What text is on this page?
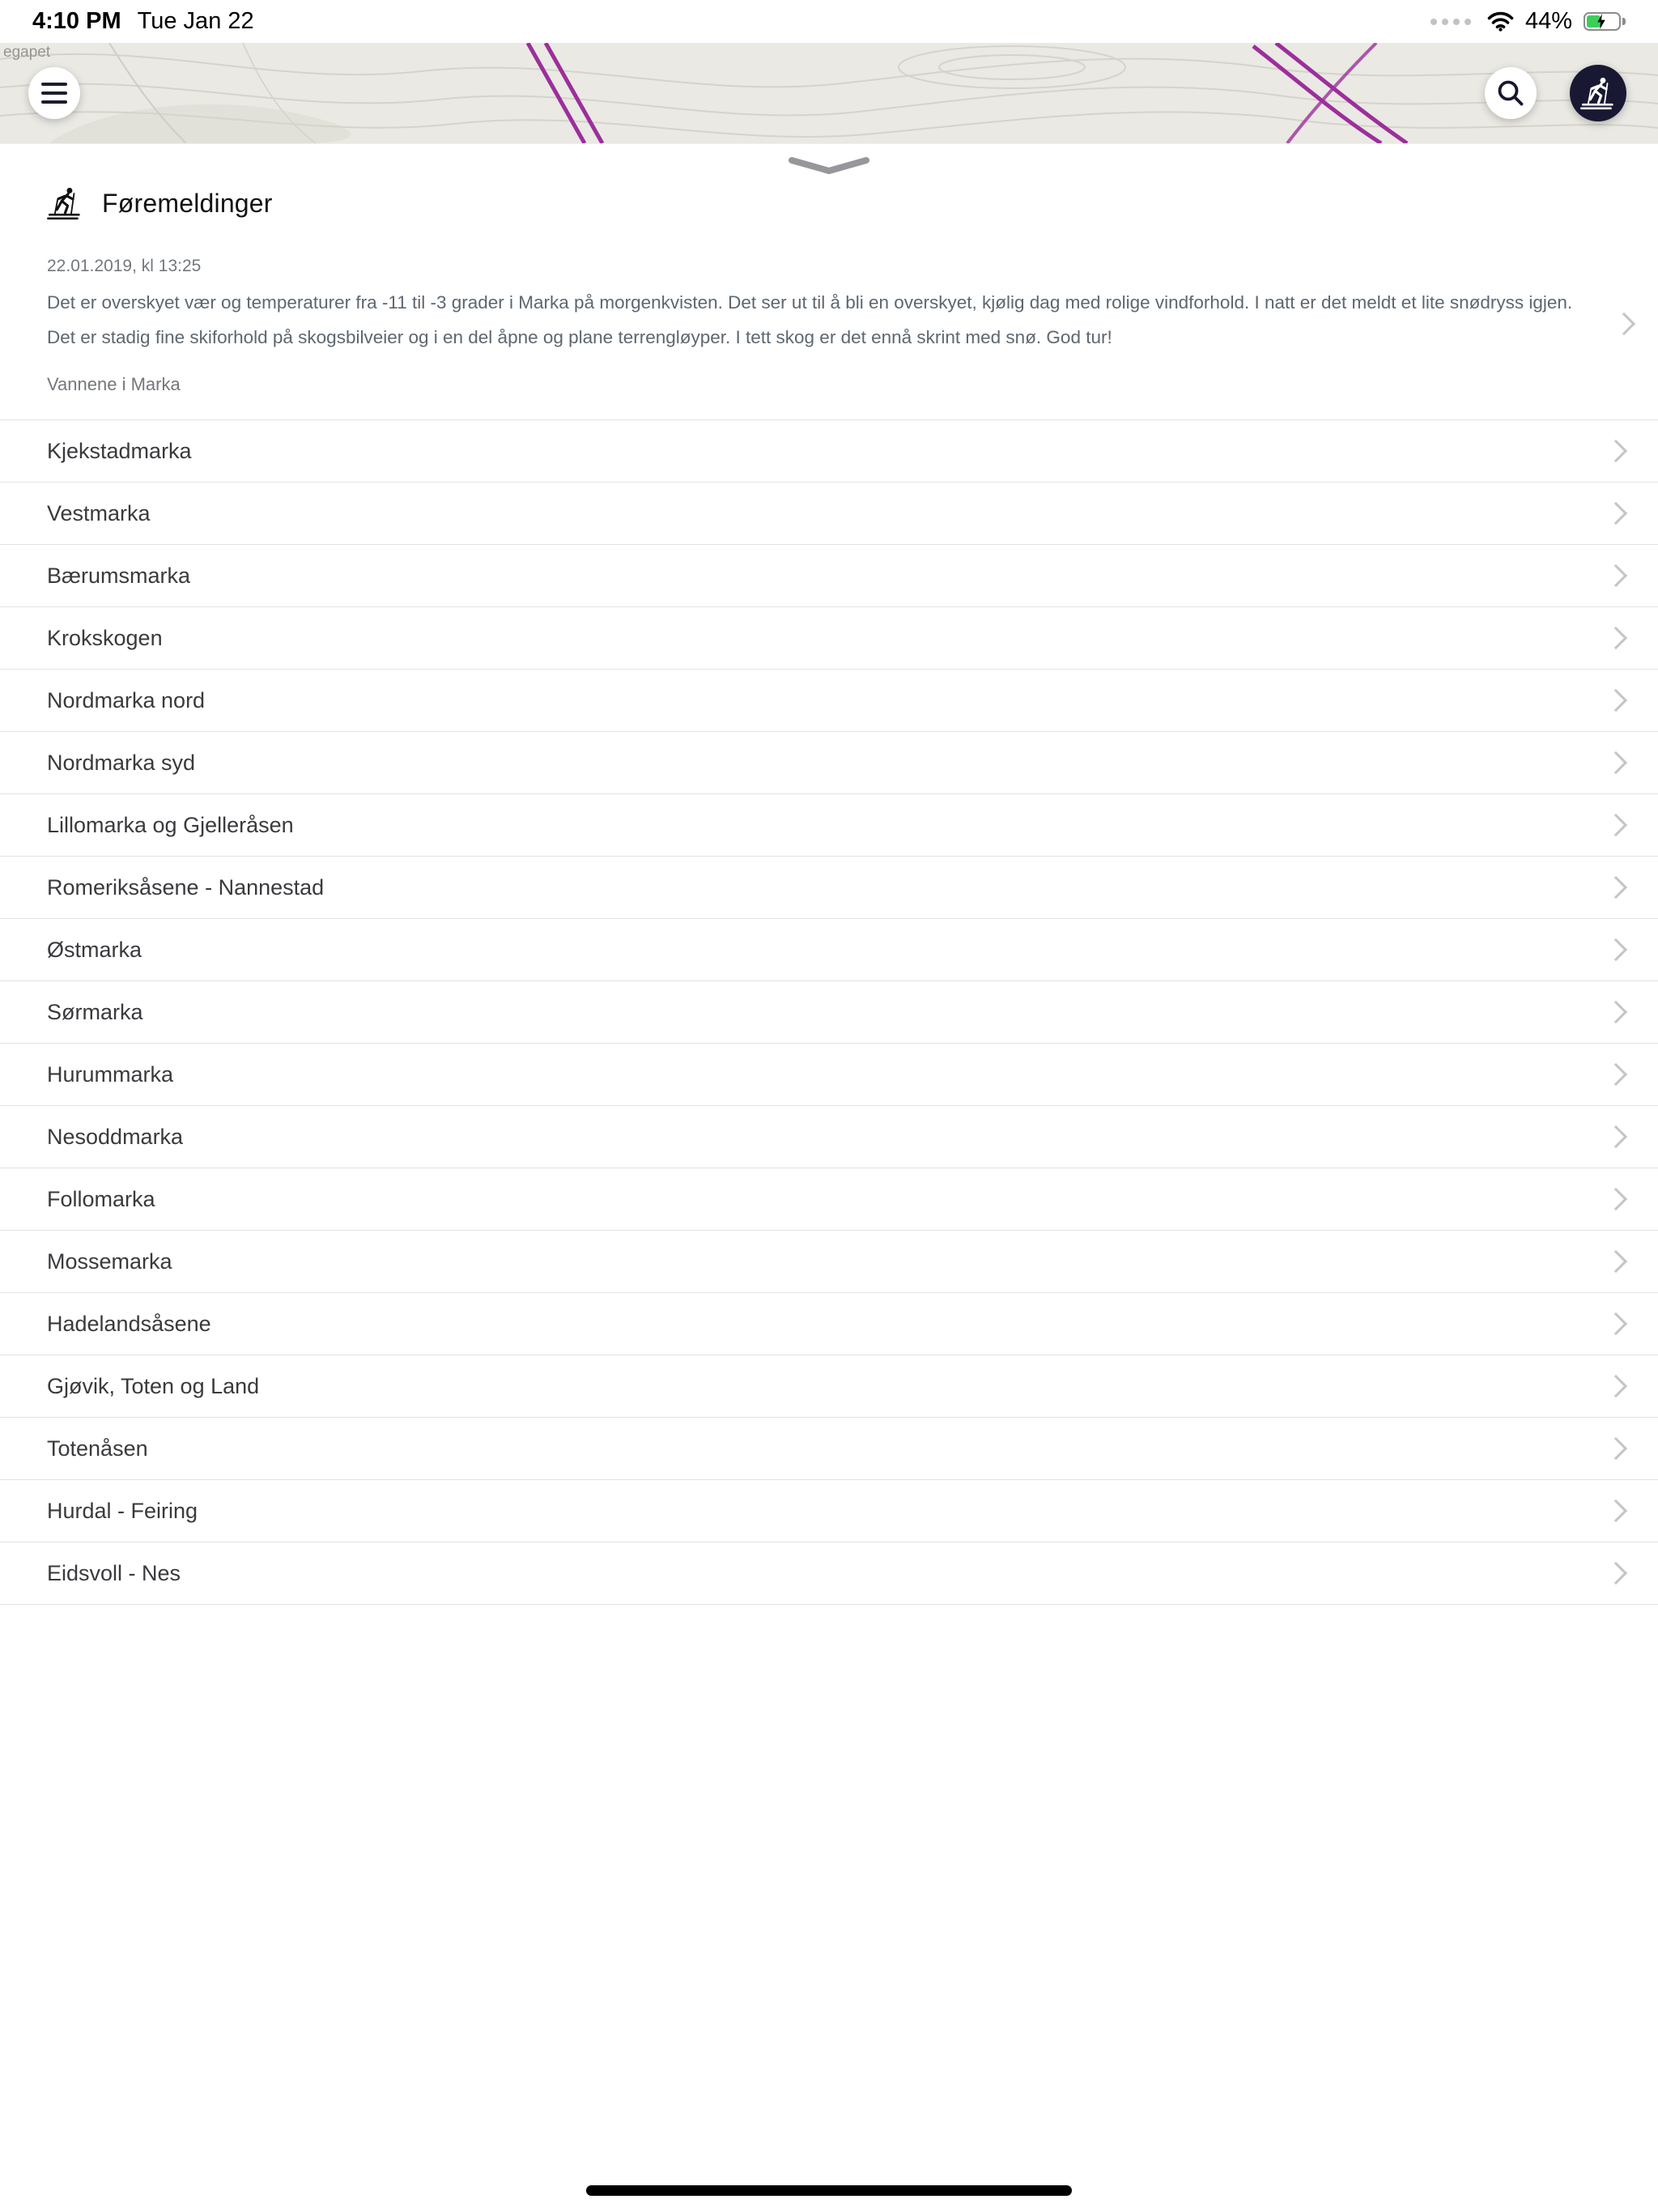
4:10 PM Tue Jan 22	44%
egapet
Føremeldinger
22.01.2019, kl 13:25

Det er overskyet vær og temperaturer fra -11 til -3 grader i Marka på morgenkvisten. Det ser ut til å bli en overskyet, kjølig dag med rolige vindforhold. I natt er det meldt et lite snødryss igjen. Det er stadig fine skiforhold på skogsbilveier og i en del åpne og plane terrengløyper. I tett skog er det ennå skrint med snø. God tur!

Vannene i Marka
Kjekstadmarka
Vestmarka
Bærumsmarka
Krokskogen
Nordmarka nord
Nordmarka syd
Lillomarka og Gjelleråsen
Romeriksåsene - Nannestad
Østmarka
Sørmarka
Hurummarka
Nesoddmarka
Follomarka
Mossemarka
Hadelandsåsene
Gjøvik, Toten og Land
Totenåsen
Hurdal - Feiring
Eidsvoll - Nes
